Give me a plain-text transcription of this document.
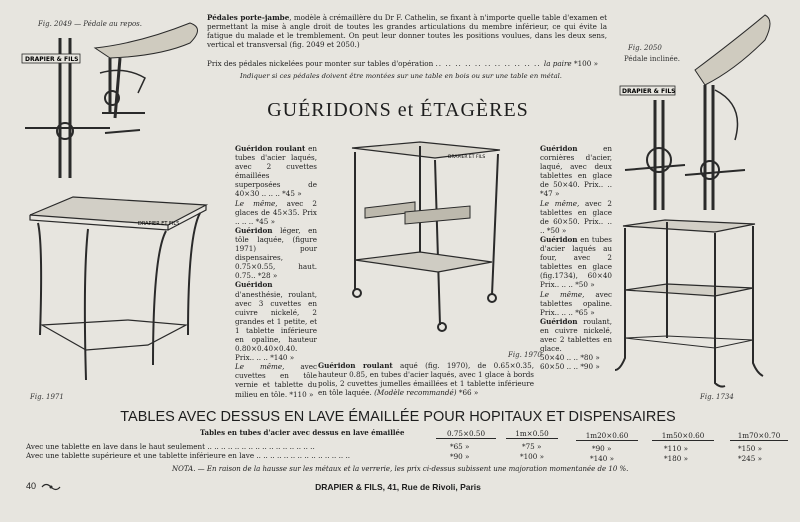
Pédales porte-jambe, modèle à crémaillère du Dr F. Cathelin, se fixant à n'importe quelle table d'examen et permettant la mise à angle droit de toutes les grandes articulations du membre inférieur, ce qui évite la fatigue du malade et le tremblement. On peut leur donner toutes les positions voulues, dans les deux sens, vertical et transversal (fig. 2049 et 2050.)
Prix des pédales nickelées pour monter sur tables d'opération .. .. .. .. .. .. .. .. .. .. .. la paire *100 »
Indiquer si ces pédales doivent être montées sur une table en bois ou sur une table en métal.
Fig. 2049 — Pédale au repos.
DRAPIER & FILS
Fig. 2050
Pédale inclinée.
DRAPIER & FILS
GUÉRIDONS et ÉTAGÈRES
DRAPIER ET FILS
Fig. 1971

Guéridon roulant en tubes d'acier laqués, avec 2 cuvettes émaillées superposées de 40×30 .. .. .. *45 »

Le même, avec 2 glaces de 45×35. Prix .. .. .. *45 »

Guéridon léger, en tôle laquée, (figure 1971) pour dispensaires, 0.75×0.55, haut. 0.75.. *28 »

Guéridon d'anesthésie, roulant, avec 3 cuvettes en cuivre nickelé, 2 grandes et 1 petite, et 1 tablette inférieure en opaline, hauteur 0.80×0.40×0.40. Prix.. .. .. *140 »

Le même, avec cuvettes en tôle vernie et tablette du milieu en tôle. *110 »

DRAPIER ET FILS
Fig. 1970
Guéridon roulant aqué (fig. 1970), de 0.65×0.35, hauteur 0.85, en tubes d'acier laqués, avec 1 glace à bords polis, 2 cuvettes jumelles émaillées et 1 tablette inférieure en tôle laquée. (Modèle recommandé) *66 »

Guéridon en cornières d'acier, laqué, avec deux tablettes en glace de 50×40. Prix.. .. *47 »

Le même, avec 2 tablettes en glace de 60×50. Prix.. .. .. *50 »

Guéridon en tubes d'acier laqués au four, avec 2 tablettes en glace (fig.1734), 60×40 Prix.. .. .. *50 »

Le même, avec tablettes opaline. Prix.. .. .. *65 »

Guéridon roulant, en cuivre nickelé, avec 2 tablettes en glace.

50×40 .. .. *80 »

60×50 .. .. *90 »

Fig. 1734
TABLES AVEC DESSUS EN LAVE ÉMAILLÉE POUR HOPITAUX ET DISPENSAIRES
Tables en tubes d'acier avec dessus en lave émaillée	0.75×0.50	1m×0.50	1m20×0.60	1m50×0.60	1m70×0.70
Avec une tablette en lave dans le haut seulement .. .. .. .. .. .. .. .. .. .. .. .. .. .. .. ..	*65 »	*75 »	*90 »	*110 »	*150 »
Avec une tablette supérieure et une tablette inférieure en lave .. .. .. .. .. .. .. .. .. .. .. .. .. ..	*90 »	*100 »	*140 »	*180 »	*245 »
NOTA. — En raison de la hausse sur les métaux et la verrerie, les prix ci-dessus subissent une majoration momentanée de 10 %.
40	DRAPIER & FILS, 41, Rue de Rivoli, Paris
